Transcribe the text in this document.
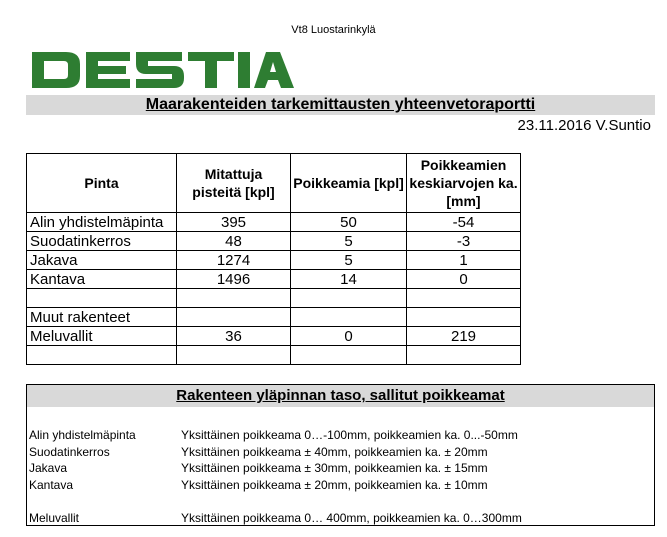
Vt8 Luostarinkylä
Maarakenteiden tarkemittausten yhteenvetoraportti
23.11.2016 V.Suntio
Pinta	Mitattuja pisteitä [kpl]	Poikkeamia [kpl]	Poikkeamien keskiarvojen ka. [mm]
Alin yhdistelmäpinta	395	50	-54
Suodatinkerros	48	5	-3
Jakava	1274	5	1
Kantava	1496	14	0

Muut rakenteet			
Meluvallit	36	0	219

Rakenteen yläpinnan taso, sallitut poikkeamat
Alin yhdistelmäpinta	Yksittäinen poikkeama 0…-100mm, poikkeamien ka. 0...-50mm
Suodatinkerros	Yksittäinen poikkeama ± 40mm, poikkeamien ka. ± 20mm
Jakava	Yksittäinen poikkeama ± 30mm, poikkeamien ka. ± 15mm
Kantava	Yksittäinen poikkeama ± 20mm, poikkeamien ka. ± 10mm
Meluvallit	Yksittäinen poikkeama 0… 400mm, poikkeamien ka. 0…300mm
